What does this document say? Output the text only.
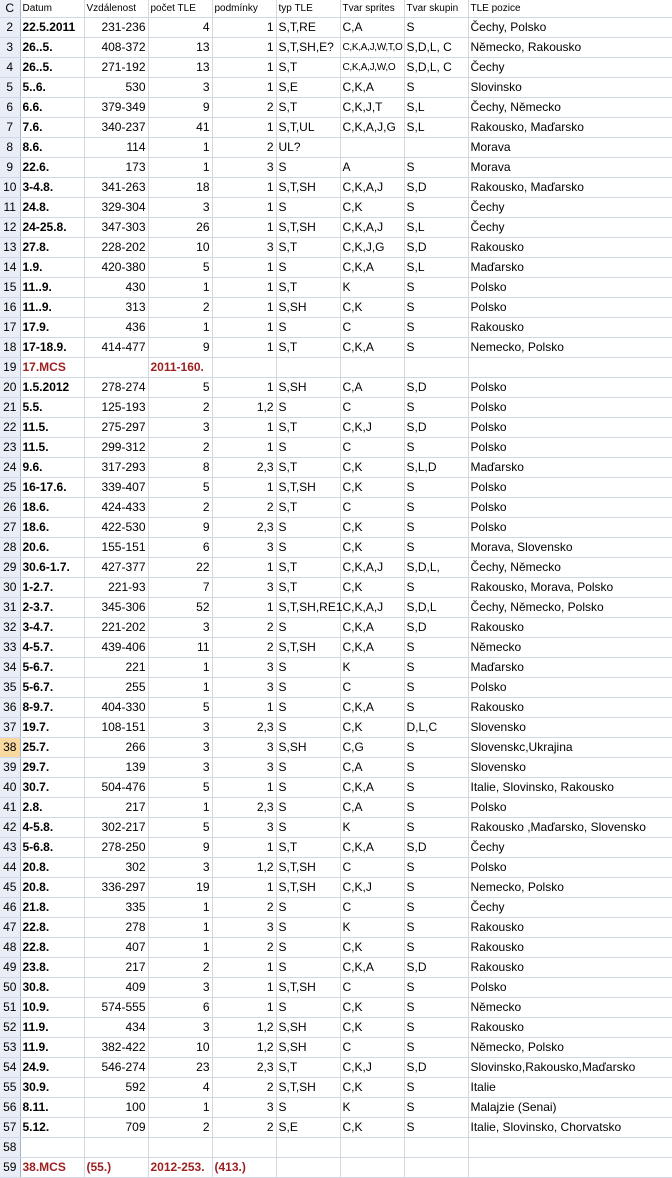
C	Datum	Vzdálenost	počet TLE	podmínky	typ TLE	Tvar sprites	Tvar skupin	TLE pozice
2	22.5.2011	231-236	4	1	S,T,RE	C,A	S	Čechy, Polsko
3	26..5.	408-372	13	1	S,T,SH,E?	C,K,A,J,W,T,O	S,D,L, C	Německo, Rakousko
4	26..5.	271-192	13	1	S,T	C,K,A,J,W,O	S,D,L, C	Čechy
5	5..6.	530	3	1	S,E	C,K,A	S	Slovinsko
6	6.6.	379-349	9	2	S,T	C,K,J,T	S,L	Čechy, Německo
7	7.6.	340-237	41	1	S,T,UL	C,K,A,J,G	S,L	Rakousko, Maďarsko
8	8.6.	114	1	2	UL?			Morava
9	22.6.	173	1	3	S	A	S	Morava
10	3-4.8.	341-263	18	1	S,T,SH	C,K,A,J	S,D	Rakousko, Maďarsko
11	24.8.	329-304	3	1	S	C,K	S	Čechy
12	24-25.8.	347-303	26	1	S,T,SH	C,K,A,J	S,L	Čechy
13	27.8.	228-202	10	3	S,T	C,K,J,G	S,D	Rakousko
14	1.9.	420-380	5	1	S	C,K,A	S,L	Maďarsko
15	11..9.	430	1	1	S,T	K	S	Polsko
16	11..9.	313	2	1	S,SH	C,K	S	Polsko
17	17.9.	436	1	1	S	C	S	Rakousko
18	17-18.9.	414-477	9	1	S,T	C,K,A	S	Nemecko, Polsko
19	17.MCS		2011-160.					
20	1.5.2012	278-274	5	1	S,SH	C,A	S,D	Polsko
21	5.5.	125-193	2	1,2	S	C	S	Polsko
22	11.5.	275-297	3	1	S,T	C,K,J	S,D	Polsko
23	11.5.	299-312	2	1	S	C	S	Polsko
24	9.6.	317-293	8	2,3	S,T	C,K	S,L,D	Maďarsko
25	16-17.6.	339-407	5	1	S,T,SH	C,K	S	Polsko
26	18.6.	424-433	2	2	S,T	C	S	Polsko
27	18.6.	422-530	9	2,3	S	C,K	S	Polsko
28	20.6.	155-151	6	3	S	C,K	S	Morava, Slovensko
29	30.6-1.7.	427-377	22	1	S,T	C,K,A,J	S,D,L,	Čechy, Německo
30	1-2.7.	221-93	7	3	S,T	C,K	S	Rakousko, Morava, Polsko
31	2-3.7.	345-306	52	1	S,T,SH,RE1	C,K,A,J	S,D,L	Čechy, Německo, Polsko
32	3-4.7.	221-202	3	2	S	C,K,A	S,D	Rakousko
33	4-5.7.	439-406	11	2	S,T,SH	C,K,A	S	Německo
34	5-6.7.	221	1	3	S	K	S	Maďarsko
35	5-6.7.	255	1	3	S	C	S	Polsko
36	8-9.7.	404-330	5	1	S	C,K,A	S	Rakousko
37	19.7.	108-151	3	2,3	S	C,K	D,L,C	Slovensko
38	25.7.	266	3	3	S,SH	C,G	S	Slovenskc,Ukrajina
39	29.7.	139	3	3	S	C,A	S	Slovensko
40	30.7.	504-476	5	1	S	C,K,A	S	Italie, Slovinsko, Rakousko
41	2.8.	217	1	2,3	S	C,A	S	Polsko
42	4-5.8.	302-217	5	3	S	K	S	Rakousko ,Maďarsko, Slovensko
43	5-6.8.	278-250	9	1	S,T	C,K,A	S,D	Čechy
44	20.8.	302	3	1,2	S,T,SH	C	S	Polsko
45	20.8.	336-297	19	1	S,T,SH	C,K,J	S	Nemecko, Polsko
46	21.8.	335	1	2	S	C	S	Čechy
47	22.8.	278	1	3	S	K	S	Rakousko
48	22.8.	407	1	2	S	C,K	S	Rakousko
49	23.8.	217	2	1	S	C,K,A	S,D	Rakousko
50	30.8.	409	3	1	S,T,SH	C	S	Polsko
51	10.9.	574-555	6	1	S	C,K	S	Německo
52	11.9.	434	3	1,2	S,SH	C,K	S	Rakousko
53	11.9.	382-422	10	1,2	S,SH	C	S	Německo, Polsko
54	24.9.	546-274	23	2,3	S,T	C,K,J	S,D	Slovinsko,Rakousko,Maďarsko
55	30.9.	592	4	2	S,T,SH	C,K	S	Italie
56	8.11.	100	1	3	S	K	S	Malajzie (Senai)
57	5.12.	709	2	2	S,E	C,K	S	Italie, Slovinsko, Chorvatsko
58								
59	38.MCS	(55.)	2012-253.	(413.)				
